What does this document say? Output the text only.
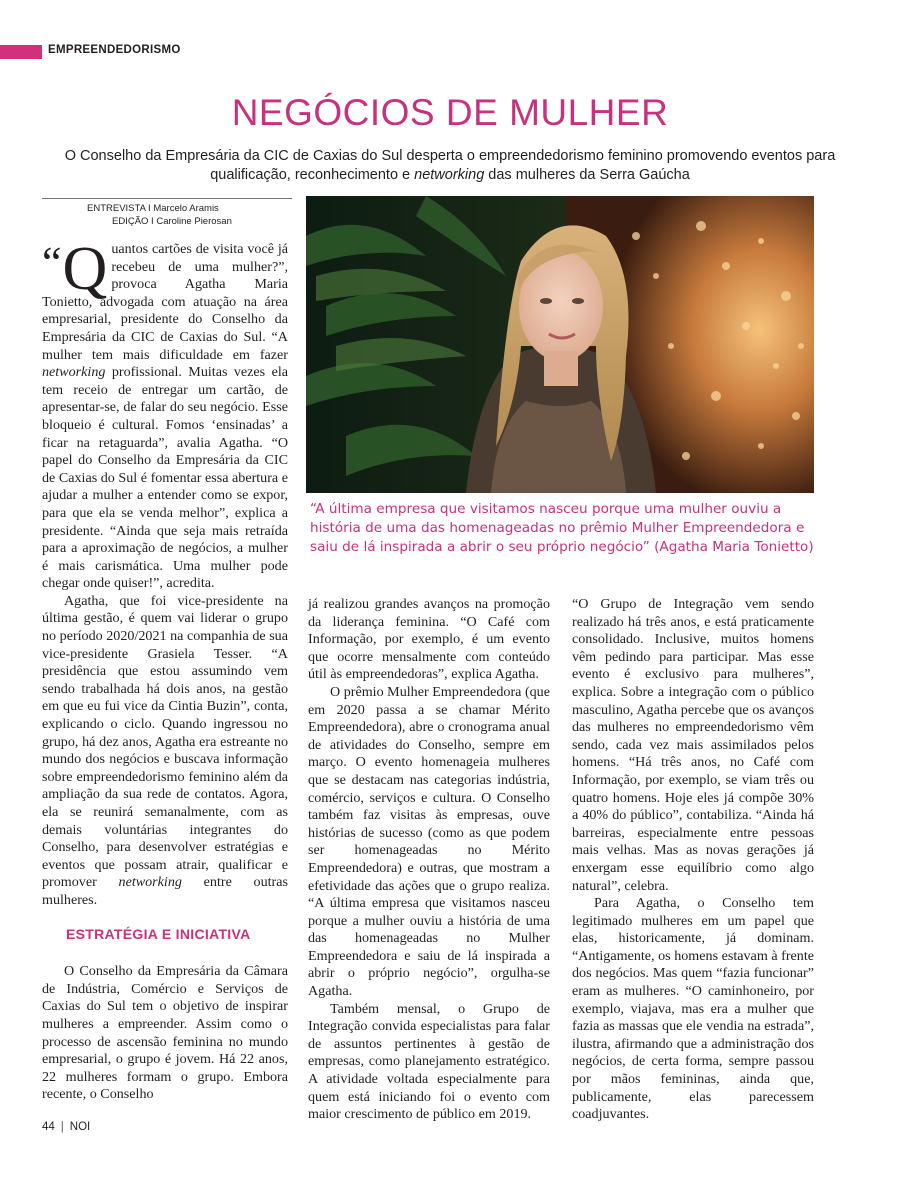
EMPREENDEDORISMO
NEGÓCIOS DE MULHER

O Conselho da Empresária da CIC de Caxias do Sul desperta o empreendedorismo feminino promovendo eventos para qualificação, reconhecimento e networking das mulheres da Serra Gaúcha

ENTREVISTA I Marcelo Aramis
EDIÇÃO I Caroline Pierosan
“A última empresa que visitamos nasceu porque uma mulher ouviu a história de uma das homenageadas no prêmio Mulher Empreendedora e saiu de lá inspirada a abrir o seu próprio negócio” (Agatha Maria Tonietto)
“ Q uantos cartões de visita você já recebeu de uma mulher?”, provoca Agatha Maria Tonietto, advogada com atuação na área empresarial, presidente do Conselho da Empresária da CIC de Caxias do Sul. “A mulher tem mais dificuldade em fazer networking profissional. Muitas vezes ela tem receio de entregar um cartão, de apresentar-se, de falar do seu negócio. Esse bloqueio é cultural. Fomos ‘ensinadas’ a ficar na retaguarda”, avalia Agatha. “O papel do Conselho da Empresária da CIC de Caxias do Sul é fomentar essa abertura e ajudar a mulher a entender como se expor, para que ela se venda melhor”, explica a presidente. “Ainda que seja mais retraída para a aproximação de negócios, a mulher é mais carismática. Uma mulher pode chegar onde quiser!”, acredita.

Agatha, que foi vice-presidente na última gestão, é quem vai liderar o grupo no período 2020/2021 na companhia de sua vice-presidente Grasiela Tesser. “A presidência que estou assumindo vem sendo trabalhada há dois anos, na gestão em que eu fui vice da Cintia Buzin”, conta, explicando o ciclo. Quando ingressou no grupo, há dez anos, Agatha era estreante no mundo dos negócios e buscava informação sobre empreendedorismo feminino além da ampliação da sua rede de contatos. Agora, ela se reunirá semanalmente, com as demais voluntárias integrantes do Conselho, para desenvolver estratégias e eventos que possam atrair, qualificar e promover networking entre outras mulheres.

ESTRATÉGIA E INICIATIVA

O Conselho da Empresária da Câmara de Indústria, Comércio e Serviços de Caxias do Sul tem o objetivo de inspirar mulheres a empreender. Assim como o processo de ascensão feminina no mundo empresarial, o grupo é jovem. Há 22 anos, 22 mulheres formam o grupo. Embora recente, o Conselho

já realizou grandes avanços na promoção da liderança feminina. “O Café com Informação, por exemplo, é um evento que ocorre mensalmente com conteúdo útil às empreendedoras”, explica Agatha.

O prêmio Mulher Empreendedora (que em 2020 passa a se chamar Mérito Empreendedora), abre o cronograma anual de atividades do Conselho, sempre em março. O evento homenageia mulheres que se destacam nas categorias indústria, comércio, serviços e cultura. O Conselho também faz visitas às empresas, ouve histórias de sucesso (como as que podem ser homenageadas no Mérito Empreendedora) e outras, que mostram a efetividade das ações que o grupo realiza. “A última empresa que visitamos nasceu porque a mulher ouviu a história de uma das homenageadas no Mulher Empreendedora e saiu de lá inspirada a abrir o próprio negócio”, orgulha-se Agatha.

Também mensal, o Grupo de Integração convida especialistas para falar de assuntos pertinentes à gestão de empresas, como planejamento estratégico. A atividade voltada especialmente para quem está iniciando foi o evento com maior crescimento de público em 2019.

“O Grupo de Integração vem sendo realizado há três anos, e está praticamente consolidado. Inclusive, muitos homens vêm pedindo para participar. Mas esse evento é exclusivo para mulheres”, explica. Sobre a integração com o público masculino, Agatha percebe que os avanços das mulheres no empreendedorismo vêm sendo, cada vez mais assimilados pelos homens. “Há três anos, no Café com Informação, por exemplo, se viam três ou quatro homens. Hoje eles já compõe 30% a 40% do público”, contabiliza. “Ainda há barreiras, especialmente entre pessoas mais velhas. Mas as novas gerações já enxergam esse equilíbrio como algo natural”, celebra.

Para Agatha, o Conselho tem legitimado mulheres em um papel que elas, historicamente, já dominam. “Antigamente, os homens estavam à frente dos negócios. Mas quem “fazia funcionar” eram as mulheres. “O caminhoneiro, por exemplo, viajava, mas era a mulher que fazia as massas que ele vendia na estrada”, ilustra, afirmando que a administração dos negócios, de certa forma, sempre passou por mãos femininas, ainda que, publicamente, elas parecessem coadjuvantes.

44 | NOI
